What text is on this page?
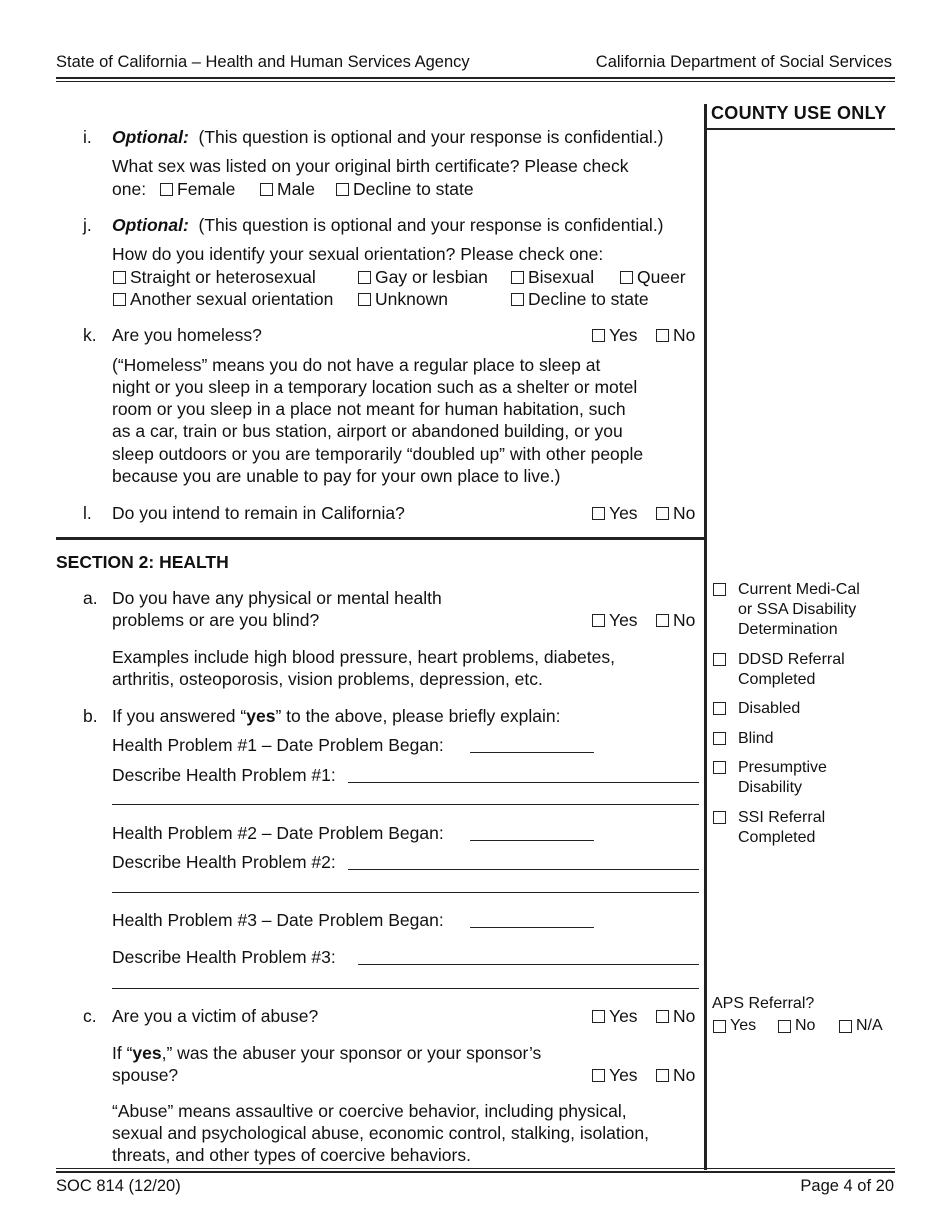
State of California – Health and Human Services Agency	California Department of Social Services
COUNTY USE ONLY
i. Optional: (This question is optional and your response is confidential.)
What sex was listed on your original birth certificate? Please check
one: Female Male Decline to state
j. Optional: (This question is optional and your response is confidential.)
How do you identify your sexual orientation? Please check one:
Straight or heterosexual	Gay or lesbian Bisexual Queer
Another sexual orientation Unknown	Decline to state
k. Are you homeless?	Yes No
(“Homeless” means you do not have a regular place to sleep at
night or you sleep in a temporary location such as a shelter or motel
room or you sleep in a place not meant for human habitation, such
as a car, train or bus station, airport or abandoned building, or you
sleep outdoors or you are temporarily “doubled up” with other people
because you are unable to pay for your own place to live.)
l. Do you intend to remain in California?	Yes No
SECTION 2: HEALTH
a. Do you have any physical or mental health
problems or are you blind?	Yes No
Examples include high blood pressure, heart problems, diabetes,
arthritis, osteoporosis, vision problems, depression, etc.
b. If you answered “yes” to the above, please briefly explain:
Health Problem #1 – Date Problem Began:
Describe Health Problem #1:
Health Problem #2 – Date Problem Began:
Describe Health Problem #2:
Health Problem #3 – Date Problem Began:
Describe Health Problem #3:
c. Are you a victim of abuse?	Yes No
If “yes,” was the abuser your sponsor or your sponsor’s
spouse?	Yes No
“Abuse” means assaultive or coercive behavior, including physical,
sexual and psychological abuse, economic control, stalking, isolation,
threats, and other types of coercive behaviors.
Current Medi-Cal
or SSA Disability
Determination
DDSD Referral
Completed
Disabled
Blind
Presumptive
Disability
SSI Referral
Completed
APS Referral?
Yes No	N/A
SOC 814 (12/20)	Page 4 of 20
